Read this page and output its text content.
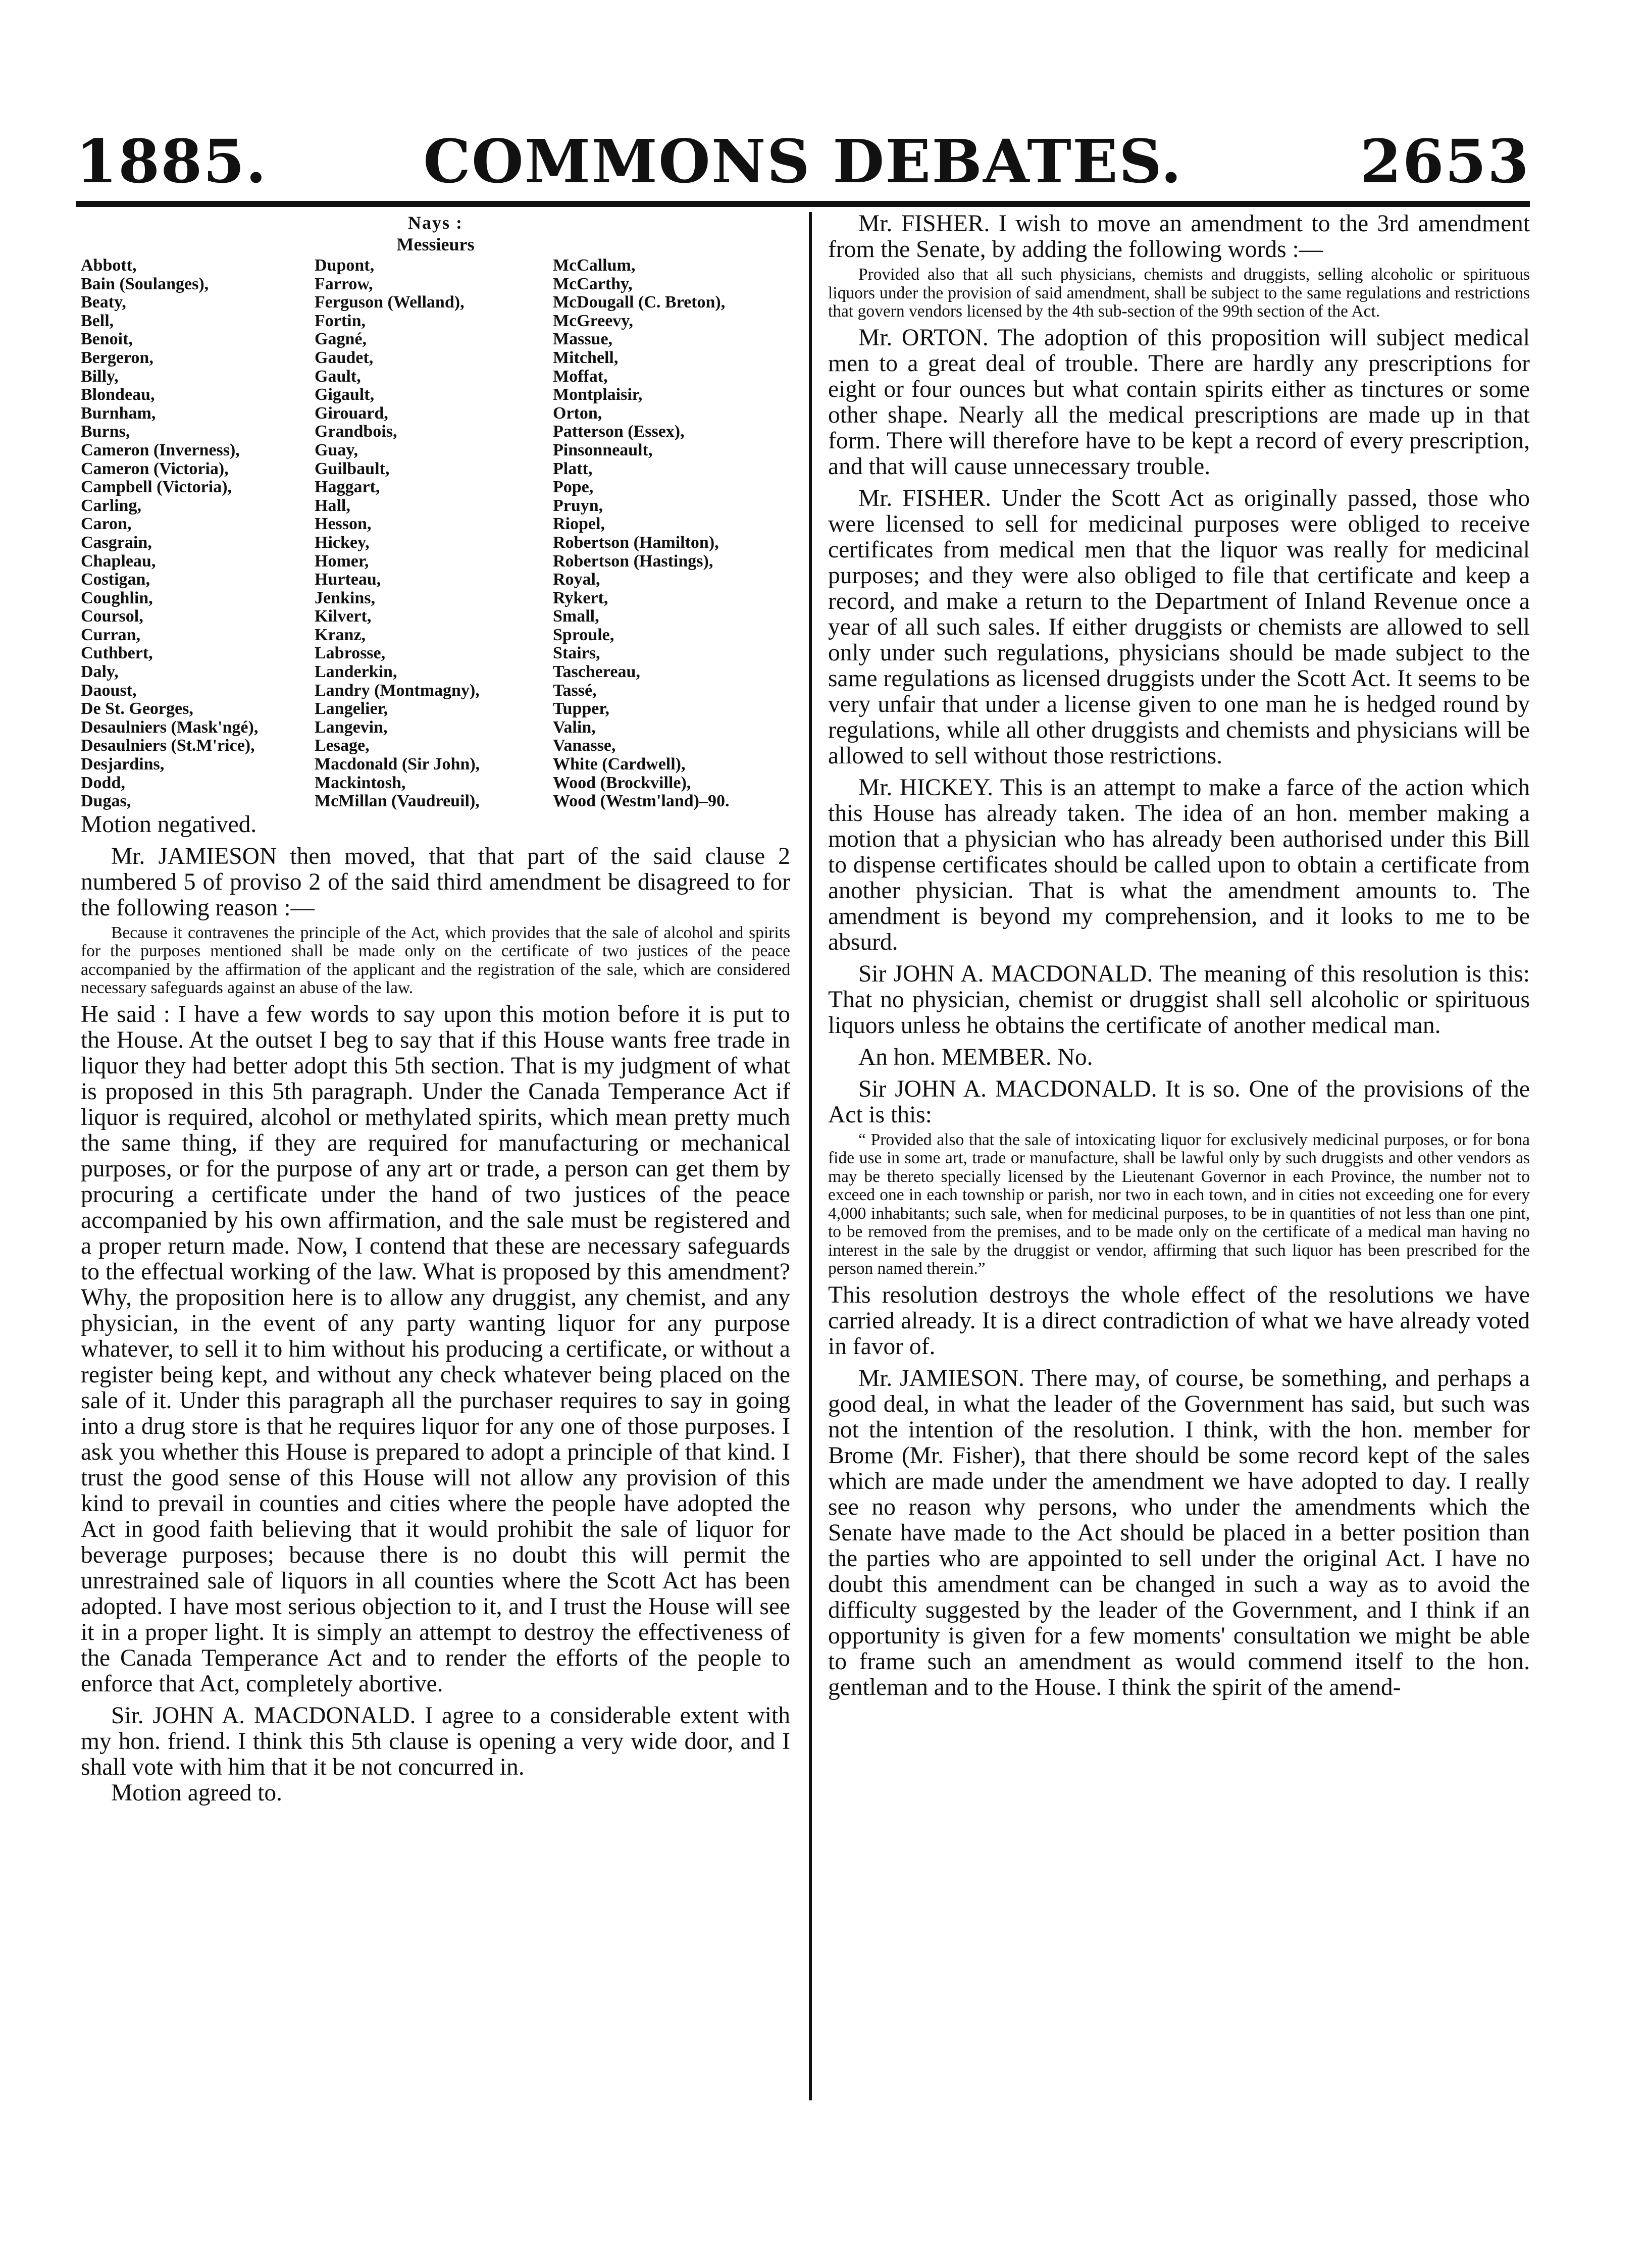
1885.	COMMONS DEBATES.	2653
Nays :
Messieurs
Abbott,
Bain (Soulanges),
Beaty,
Bell,
Benoit,
Bergeron,
Billy,
Blondeau,
Burnham,
Burns,
Cameron (Inverness),
Cameron (Victoria),
Campbell (Victoria),
Carling,
Caron,
Casgrain,
Chapleau,
Costigan,
Coughlin,
Coursol,
Curran,
Cuthbert,
Daly,
Daoust,
De St. Georges,
Desaulniers (Mask'ngé),
Desaulniers (St.M'rice),
Desjardins,
Dodd,
Dugas,
Dupont,
Farrow,
Ferguson (Welland),
Fortin,
Gagné,
Gaudet,
Gault,
Gigault,
Girouard,
Grandbois,
Guay,
Guilbault,
Haggart,
Hall,
Hesson,
Hickey,
Homer,
Hurteau,
Jenkins,
Kilvert,
Kranz,
Labrosse,
Landerkin,
Landry (Montmagny),
Langelier,
Langevin,
Lesage,
Macdonald (Sir John),
Mackintosh,
McMillan (Vaudreuil),
McCallum,
McCarthy,
McDougall (C. Breton),
McGreevy,
Massue,
Mitchell,
Moffat,
Montplaisir,
Orton,
Patterson (Essex),
Pinsonneault,
Platt,
Pope,
Pruyn,
Riopel,
Robertson (Hamilton),
Robertson (Hastings),
Royal,
Rykert,
Small,
Sproule,
Stairs,
Taschereau,
Tassé,
Tupper,
Valin,
Vanasse,
White (Cardwell),
Wood (Brockville),
Wood (Westm'land)–90.

Motion negatived.

Mr. JAMIESON then moved, that that part of the said clause 2 numbered 5 of proviso 2 of the said third amendment be disagreed to for the following reason :—

Because it contravenes the principle of the Act, which provides that the sale of alcohol and spirits for the purposes mentioned shall be made only on the certificate of two justices of the peace accompanied by the affirmation of the applicant and the registration of the sale, which are considered necessary safeguards against an abuse of the law.

He said : I have a few words to say upon this motion before it is put to the House. At the outset I beg to say that if this House wants free trade in liquor they had better adopt this 5th section. That is my judgment of what is proposed in this 5th paragraph. Under the Canada Temperance Act if liquor is required, alcohol or methylated spirits, which mean pretty much the same thing, if they are required for manufacturing or mechanical purposes, or for the purpose of any art or trade, a person can get them by procuring a certificate under the hand of two justices of the peace accompanied by his own affirmation, and the sale must be registered and a proper return made. Now, I contend that these are necessary safeguards to the effectual working of the law. What is proposed by this amendment? Why, the proposition here is to allow any druggist, any chemist, and any physician, in the event of any party wanting liquor for any purpose whatever, to sell it to him without his producing a certificate, or without a register being kept, and without any check whatever being placed on the sale of it. Under this paragraph all the purchaser requires to say in going into a drug store is that he requires liquor for any one of those purposes. I ask you whether this House is prepared to adopt a principle of that kind. I trust the good sense of this House will not allow any provision of this kind to prevail in counties and cities where the people have adopted the Act in good faith believing that it would prohibit the sale of liquor for beverage purposes; because there is no doubt this will permit the unrestrained sale of liquors in all counties where the Scott Act has been adopted. I have most serious objection to it, and I trust the House will see it in a proper light. It is simply an attempt to destroy the effectiveness of the Canada Temperance Act and to render the efforts of the people to enforce that Act, completely abortive.

Sir. JOHN A. MACDONALD. I agree to a considerable extent with my hon. friend. I think this 5th clause is opening a very wide door, and I shall vote with him that it be not concurred in.

Motion agreed to.

Mr. FISHER. I wish to move an amendment to the 3rd amendment from the Senate, by adding the following words :—

Provided also that all such physicians, chemists and druggists, selling alcoholic or spirituous liquors under the provision of said amendment, shall be subject to the same regulations and restrictions that govern vendors licensed by the 4th sub-section of the 99th section of the Act.

Mr. ORTON. The adoption of this proposition will subject medical men to a great deal of trouble. There are hardly any prescriptions for eight or four ounces but what contain spirits either as tinctures or some other shape. Nearly all the medical prescriptions are made up in that form. There will therefore have to be kept a record of every prescription, and that will cause unnecessary trouble.

Mr. FISHER. Under the Scott Act as originally passed, those who were licensed to sell for medicinal purposes were obliged to receive certificates from medical men that the liquor was really for medicinal purposes; and they were also obliged to file that certificate and keep a record, and make a return to the Department of Inland Revenue once a year of all such sales. If either druggists or chemists are allowed to sell only under such regulations, physicians should be made subject to the same regulations as licensed druggists under the Scott Act. It seems to be very unfair that under a license given to one man he is hedged round by regulations, while all other druggists and chemists and physicians will be allowed to sell without those restrictions.

Mr. HICKEY. This is an attempt to make a farce of the action which this House has already taken. The idea of an hon. member making a motion that a physician who has already been authorised under this Bill to dispense certificates should be called upon to obtain a certificate from another physician. That is what the amendment amounts to. The amendment is beyond my comprehension, and it looks to me to be absurd.

Sir JOHN A. MACDONALD. The meaning of this resolution is this: That no physician, chemist or druggist shall sell alcoholic or spirituous liquors unless he obtains the certificate of another medical man.

An hon. MEMBER. No.

Sir JOHN A. MACDONALD. It is so. One of the provisions of the Act is this:

“ Provided also that the sale of intoxicating liquor for exclusively medicinal purposes, or for bona fide use in some art, trade or manufacture, shall be lawful only by such druggists and other vendors as may be thereto specially licensed by the Lieutenant Governor in each Province, the number not to exceed one in each township or parish, nor two in each town, and in cities not exceeding one for every 4,000 inhabitants; such sale, when for medicinal purposes, to be in quantities of not less than one pint, to be removed from the premises, and to be made only on the certificate of a medical man having no interest in the sale by the druggist or vendor, affirming that such liquor has been prescribed for the person named therein.”

This resolution destroys the whole effect of the resolutions we have carried already. It is a direct contradiction of what we have already voted in favor of.

Mr. JAMIESON. There may, of course, be something, and perhaps a good deal, in what the leader of the Government has said, but such was not the intention of the resolution. I think, with the hon. member for Brome (Mr. Fisher), that there should be some record kept of the sales which are made under the amendment we have adopted to day. I really see no reason why persons, who under the amendments which the Senate have made to the Act should be placed in a better position than the parties who are appointed to sell under the original Act. I have no doubt this amendment can be changed in such a way as to avoid the difficulty suggested by the leader of the Government, and I think if an opportunity is given for a few moments' consultation we might be able to frame such an amendment as would commend itself to the hon. gentleman and to the House. I think the spirit of the amend-
